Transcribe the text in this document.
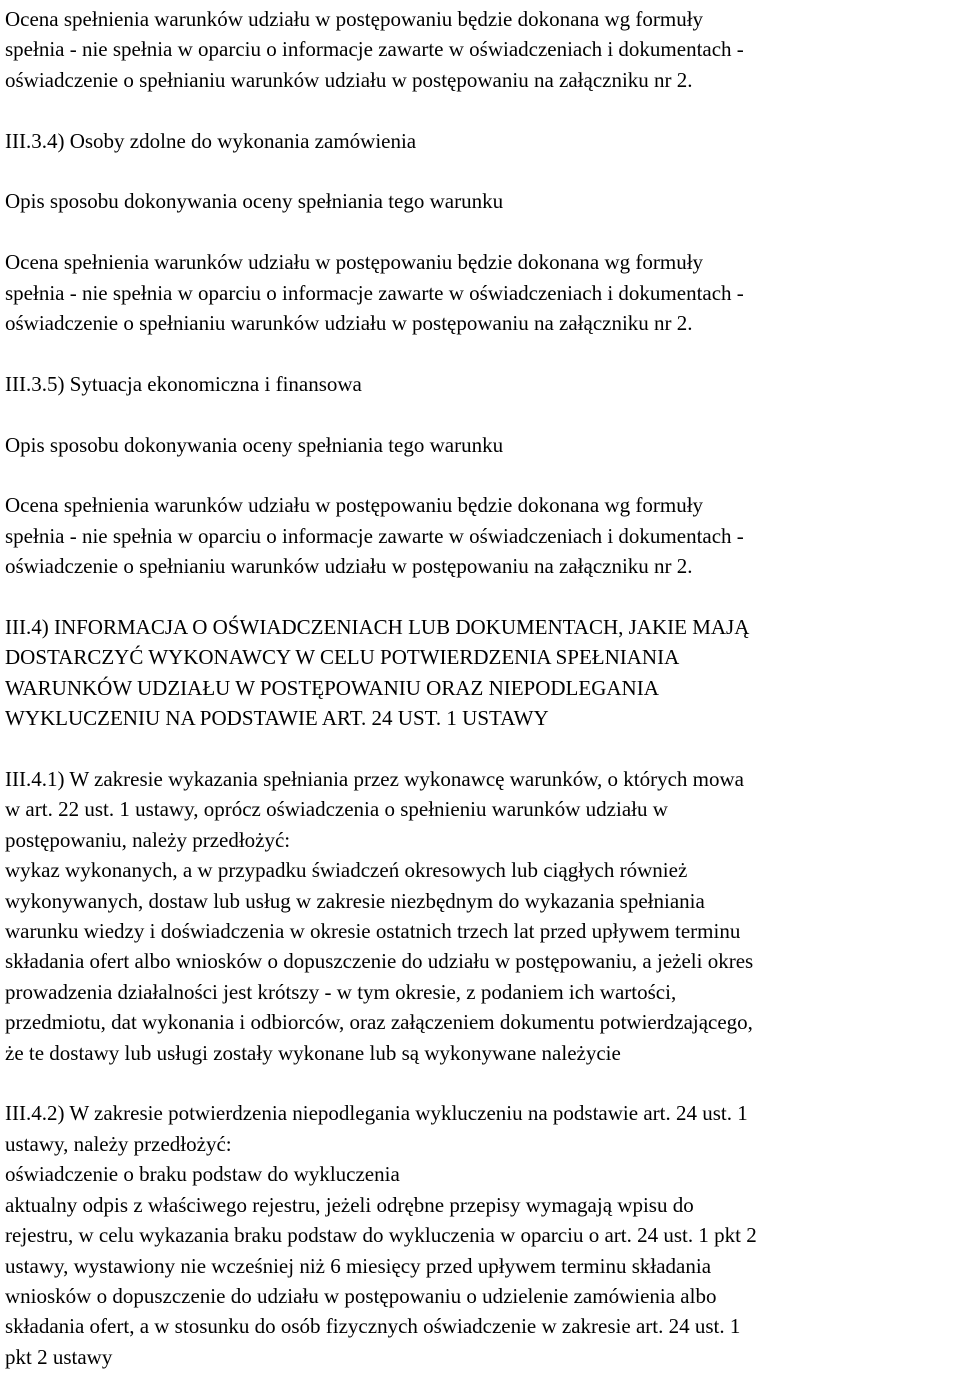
Ocena spełnienia warunków udziału w postępowaniu będzie dokonana wg formuły
spełnia - nie spełnia w oparciu o informacje zawarte w oświadczeniach i dokumentach -
oświadczenie o spełnianiu warunków udziału w postępowaniu na załączniku nr 2.

III.3.4) Osoby zdolne do wykonania zamówienia

Opis sposobu dokonywania oceny spełniania tego warunku

Ocena spełnienia warunków udziału w postępowaniu będzie dokonana wg formuły
spełnia - nie spełnia w oparciu o informacje zawarte w oświadczeniach i dokumentach -
oświadczenie o spełnianiu warunków udziału w postępowaniu na załączniku nr 2.

III.3.5) Sytuacja ekonomiczna i finansowa

Opis sposobu dokonywania oceny spełniania tego warunku

Ocena spełnienia warunków udziału w postępowaniu będzie dokonana wg formuły
spełnia - nie spełnia w oparciu o informacje zawarte w oświadczeniach i dokumentach -
oświadczenie o spełnianiu warunków udziału w postępowaniu na załączniku nr 2.

III.4) INFORMACJA O OŚWIADCZENIACH LUB DOKUMENTACH, JAKIE MAJĄ
DOSTARCZYĆ WYKONAWCY W CELU POTWIERDZENIA SPEŁNIANIA
WARUNKÓW UDZIAŁU W POSTĘPOWANIU ORAZ NIEPODLEGANIA
WYKLUCZENIU NA PODSTAWIE ART. 24 UST. 1 USTAWY

III.4.1) W zakresie wykazania spełniania przez wykonawcę warunków, o których mowa
w art. 22 ust. 1 ustawy, oprócz oświadczenia o spełnieniu warunków udziału w
postępowaniu, należy przedłożyć:

wykaz wykonanych, a w przypadku świadczeń okresowych lub ciągłych również
wykonywanych, dostaw lub usług w zakresie niezbędnym do wykazania spełniania
warunku wiedzy i doświadczenia w okresie ostatnich trzech lat przed upływem terminu
składania ofert albo wniosków o dopuszczenie do udziału w postępowaniu, a jeżeli okres
prowadzenia działalności jest krótszy - w tym okresie, z podaniem ich wartości,
przedmiotu, dat wykonania i odbiorców, oraz załączeniem dokumentu potwierdzającego,
że te dostawy lub usługi zostały wykonane lub są wykonywane należycie

III.4.2) W zakresie potwierdzenia niepodlegania wykluczeniu na podstawie art. 24 ust. 1
ustawy, należy przedłożyć:

oświadczenie o braku podstaw do wykluczenia

aktualny odpis z właściwego rejestru, jeżeli odrębne przepisy wymagają wpisu do
rejestru, w celu wykazania braku podstaw do wykluczenia w oparciu o art. 24 ust. 1 pkt 2
ustawy, wystawiony nie wcześniej niż 6 miesięcy przed upływem terminu składania
wniosków o dopuszczenie do udziału w postępowaniu o udzielenie zamówienia albo
składania ofert, a w stosunku do osób fizycznych oświadczenie w zakresie art. 24 ust. 1
pkt 2 ustawy
